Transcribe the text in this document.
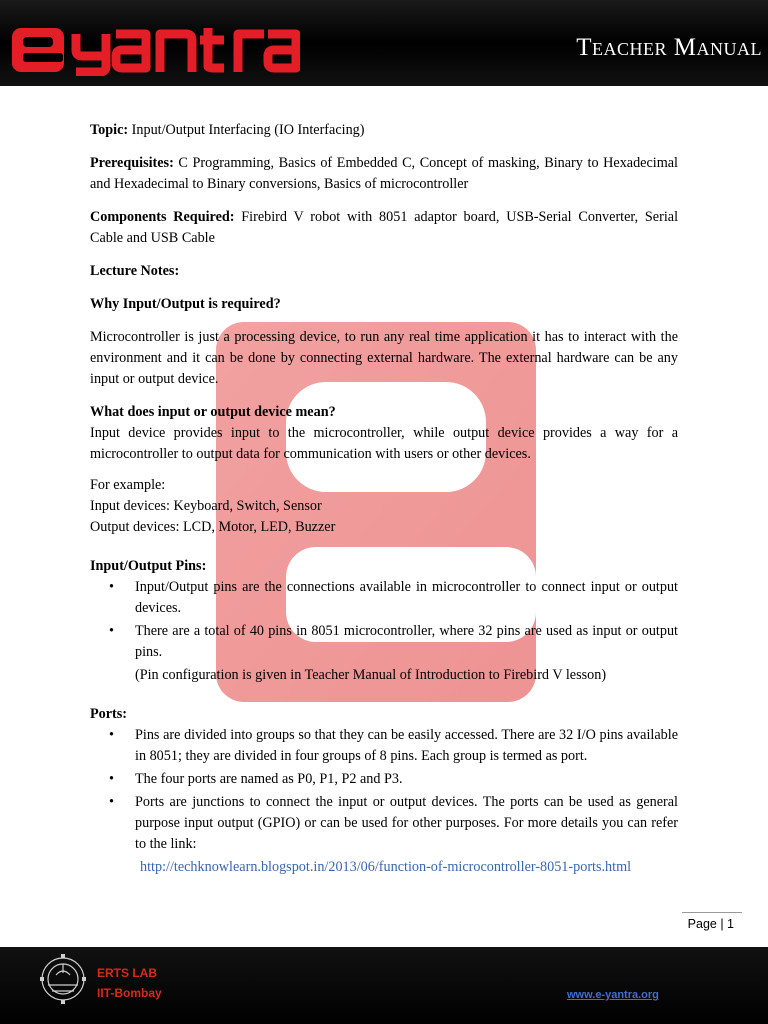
Teacher Manual

Topic: Input/Output Interfacing (IO Interfacing)

Prerequisites: C Programming, Basics of Embedded C, Concept of masking, Binary to Hexadecimal and Hexadecimal to Binary conversions, Basics of microcontroller

Components Required: Firebird V robot with 8051 adaptor board, USB-Serial Converter, Serial Cable and USB Cable

Lecture Notes:

Why Input/Output is required?

Microcontroller is just a processing device, to run any real time application it has to interact with the environment and it can be done by connecting external hardware. The external hardware can be any input or output device.

What does input or output device mean?
Input device provides input to the microcontroller, while output device provides a way for a microcontroller to output data for communication with users or other devices.

For example:
Input devices: Keyboard, Switch, Sensor
Output devices: LCD, Motor, LED, Buzzer

Input/Output Pins:

• Input/Output pins are the connections available in microcontroller to connect input or output devices.
• There are a total of 40 pins in 8051 microcontroller, where 32 pins are used as input or output pins.
(Pin configuration is given in Teacher Manual of Introduction to Firebird V lesson)

Ports:

• Pins are divided into groups so that they can be easily accessed. There are 32 I/O pins available in 8051; they are divided in four groups of 8 pins. Each group is termed as port.
• The four ports are named as P0, P1, P2 and P3.
• Ports are junctions to connect the input or output devices. The ports can be used as general purpose input output (GPIO) or can be used for other purposes. For more details you can refer to the link:
http://techknowlearn.blogspot.in/2013/06/function-of-microcontroller-8051-ports.html
Page | 1
ERTS LAB
IIT-Bombay	www.e-yantra.org
